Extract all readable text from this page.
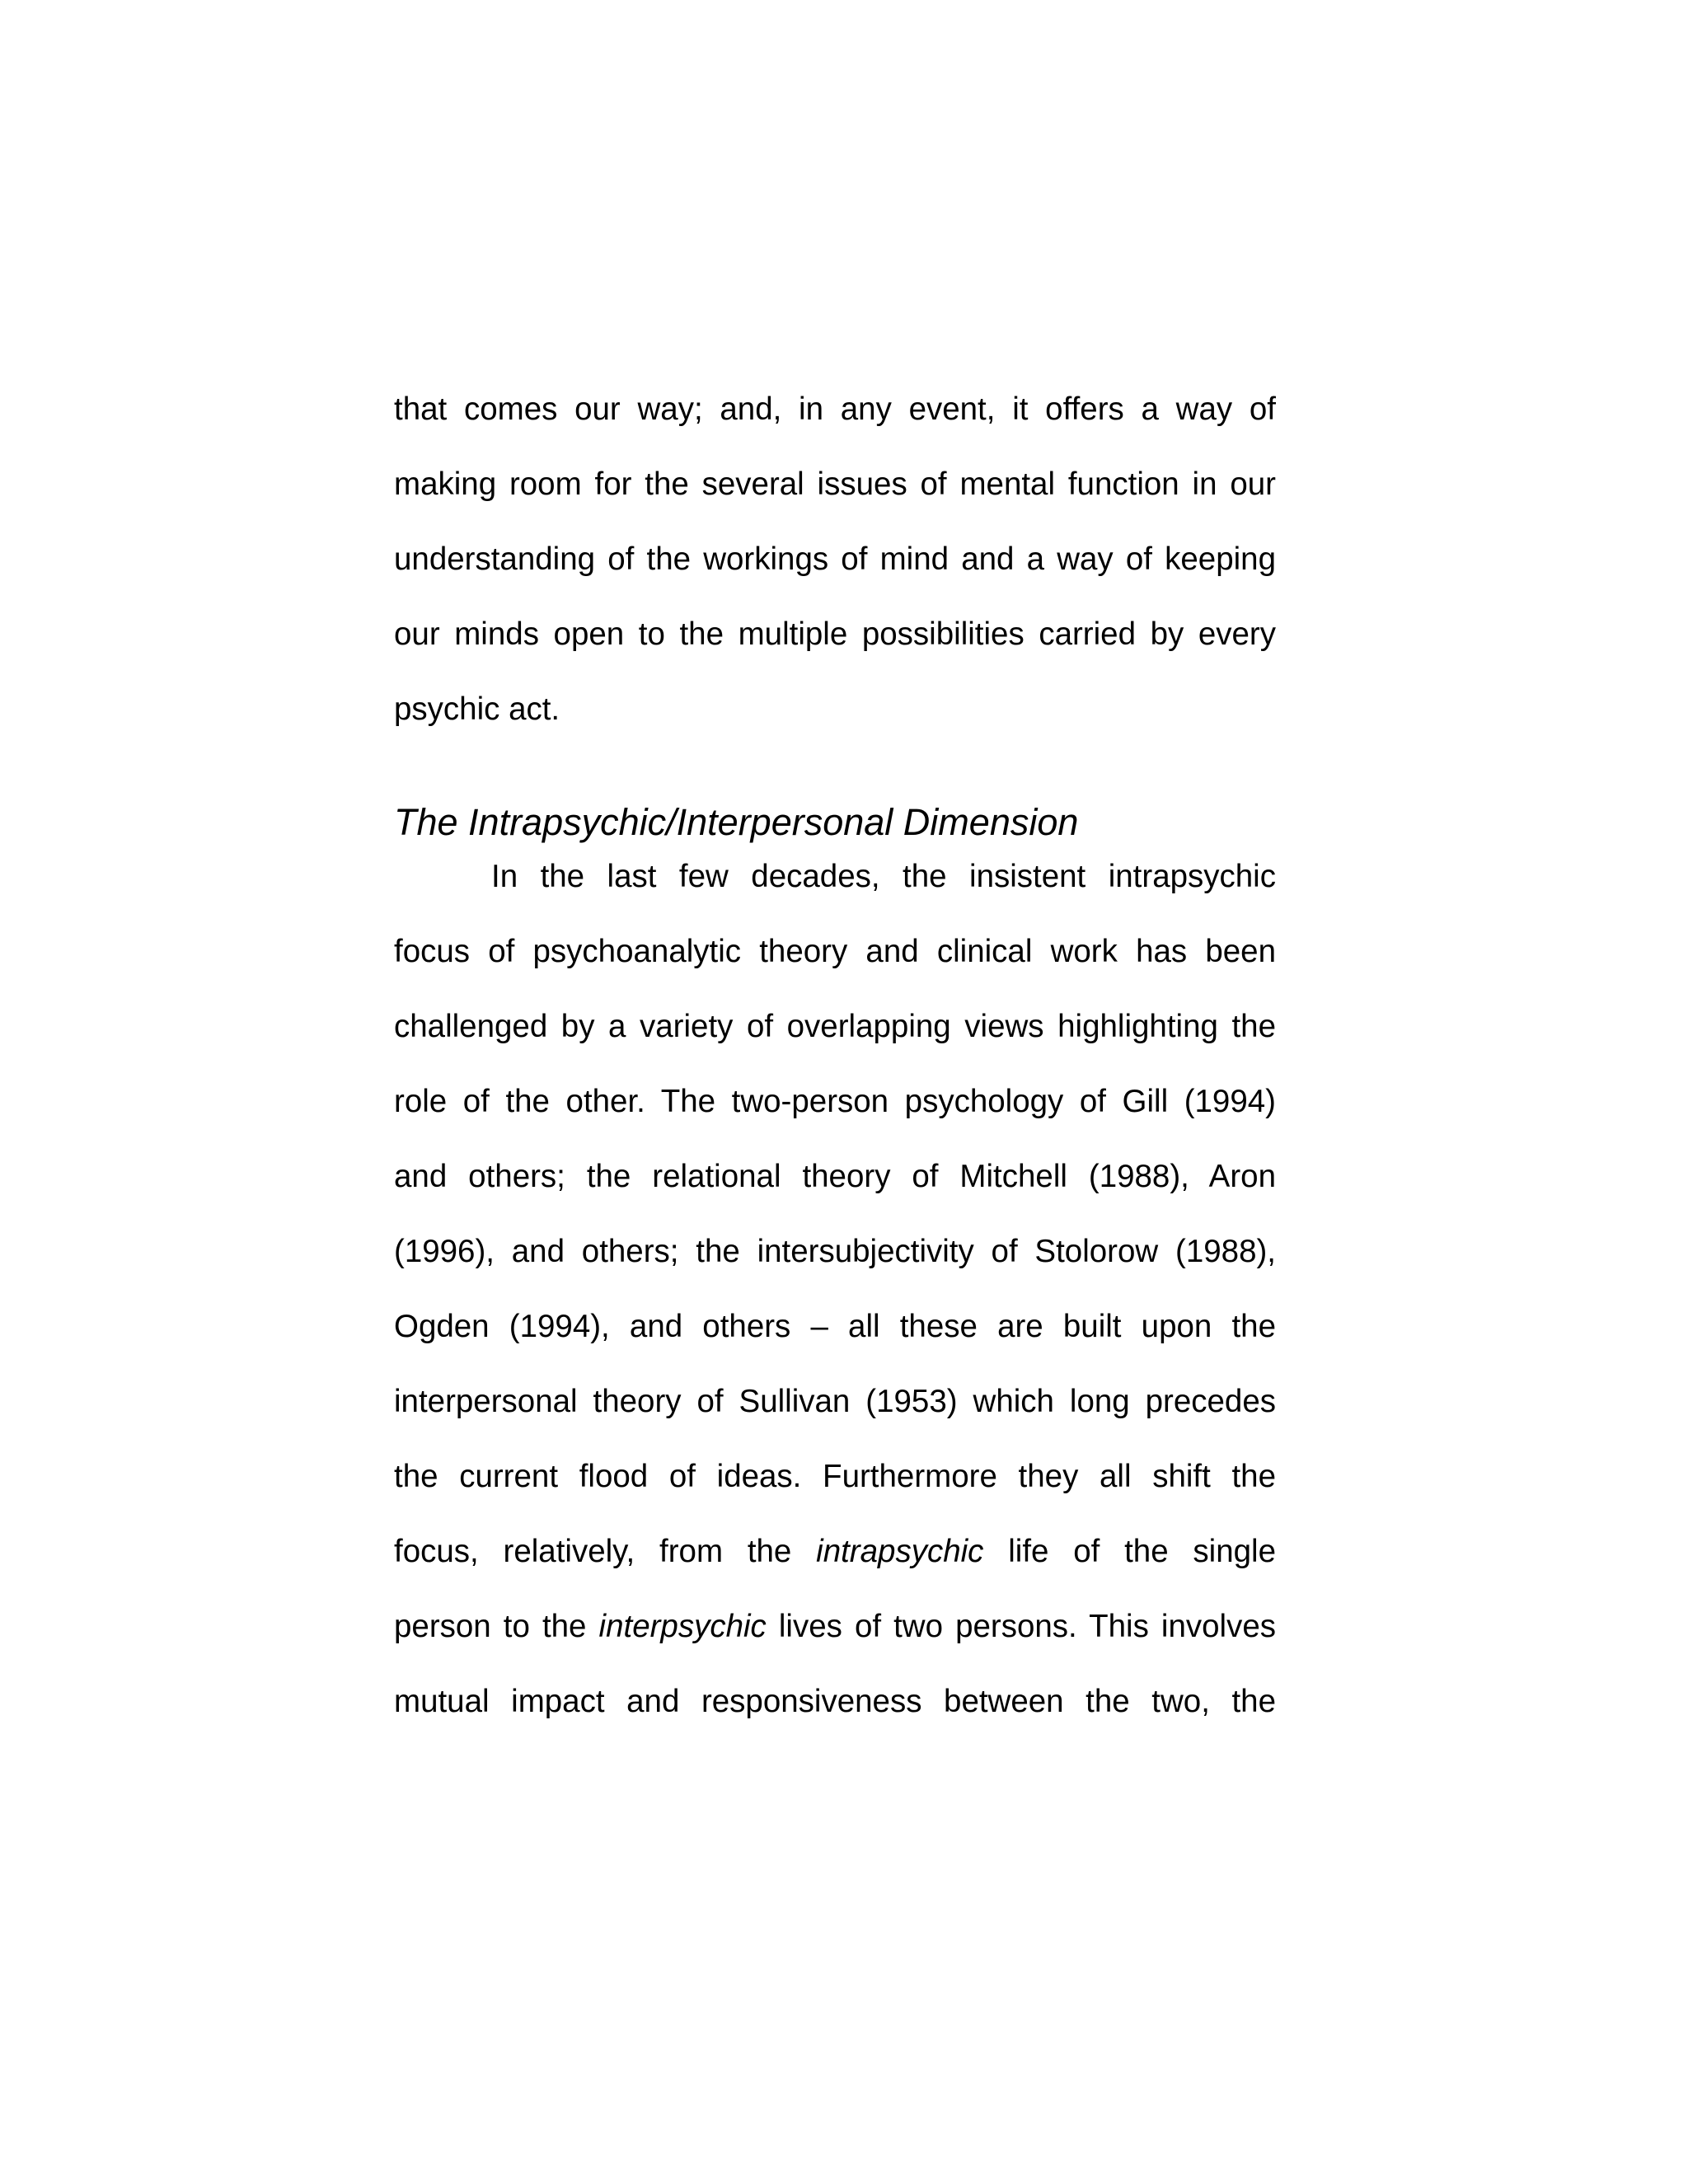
that comes our way; and, in any event, it offers a way of
making room for the several issues of mental function in our
understanding of the workings of mind and a way of keeping
our minds open to the multiple possibilities carried by every
psychic act.
The Intrapsychic/Interpersonal Dimension
In the last few decades, the insistent intrapsychic
focus of psychoanalytic theory and clinical work has been
challenged by a variety of overlapping views highlighting the
role of the other. The two-person psychology of Gill (1994)
and others; the relational theory of Mitchell (1988), Aron
(1996), and others; the intersubjectivity of Stolorow (1988),
Ogden (1994), and others – all these are built upon the
interpersonal theory of Sullivan (1953) which long precedes
the current flood of ideas. Furthermore they all shift the
focus, relatively, from the intrapsychic life of the single
person to the interpsychic lives of two persons. This involves
mutual impact and responsiveness between the two, the
